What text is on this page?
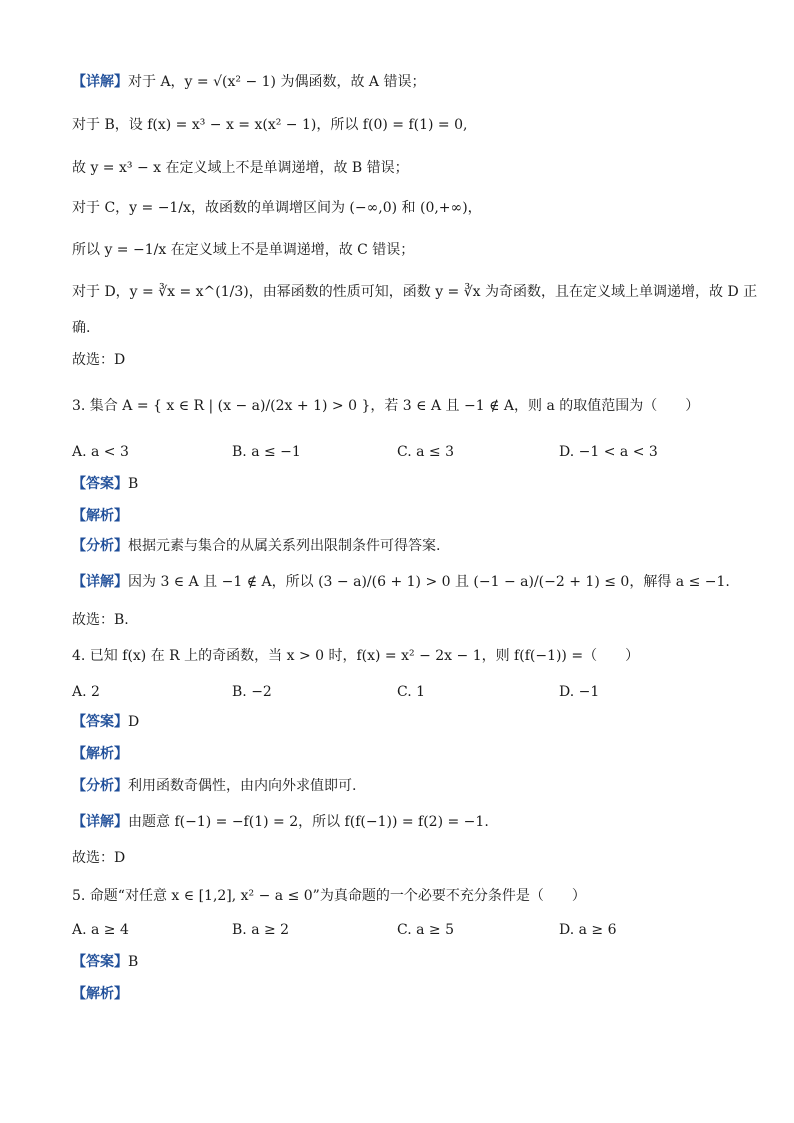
【详解】对于 A，y = √(x² − 1) 为偶函数，故 A 错误；
对于 B，设 f(x) = x³ − x = x(x² − 1)，所以 f(0) = f(1) = 0,
故 y = x³ − x 在定义域上不是单调递增，故 B 错误；
对于 C，y = −1/x，故函数的单调增区间为 (−∞,0) 和 (0,+∞)，
所以 y = −1/x 在定义域上不是单调递增，故 C 错误；
对于 D，y = ∛x = x^(1/3)，由幂函数的性质可知，函数 y = ∛x 为奇函数，且在定义域上单调递增，故 D 正
确.
故选：D
3. 集合 A = { x ∈ R | (x − a)/(2x + 1) > 0 }，若 3 ∈ A 且 −1 ∉ A，则 a 的取值范围为（　　）
【答案】B
【解析】
【分析】根据元素与集合的从属关系列出限制条件可得答案.
【详解】因为 3 ∈ A 且 −1 ∉ A，所以 (3 − a)/(6 + 1) > 0 且 (−1 − a)/(−2 + 1) ≤ 0，解得 a ≤ −1.
故选：B.
4. 已知 f(x) 在 R 上的奇函数，当 x > 0 时，f(x) = x² − 2x − 1，则 f(f(−1)) =（　　）
【答案】D
【解析】
【分析】利用函数奇偶性，由内向外求值即可.
【详解】由题意 f(−1) = −f(1) = 2，所以 f(f(−1)) = f(2) = −1.
故选：D
5. 命题“对任意 x ∈ [1,2], x² − a ≤ 0”为真命题的一个必要不充分条件是（　　）
【答案】B
【解析】
A. a < 3	B. a ≤ −1	C. a ≤ 3	D. −1 < a < 3
A. 2	B. −2	C. 1	D. −1
A. a ≥ 4	B. a ≥ 2	C. a ≥ 5	D. a ≥ 6
